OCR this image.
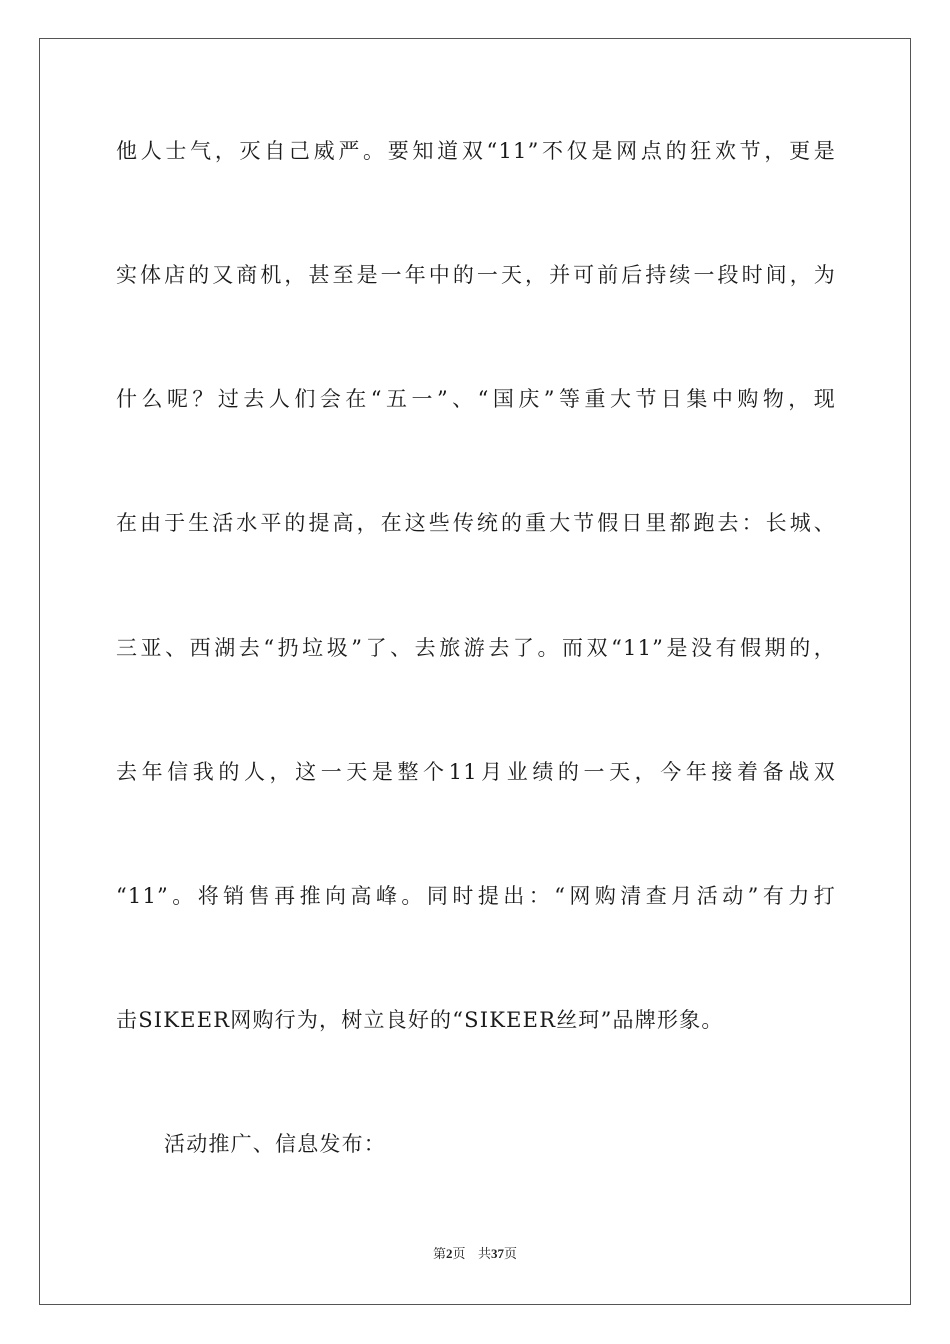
他人士气，灭自己威严。要知道双“11”不仅是网点的狂欢节，更是
实体店的又商机，甚至是一年中的一天，并可前后持续一段时间，为
什么呢？过去人们会在“五一”、“国庆”等重大节日集中购物，现
在由于生活水平的提高，在这些传统的重大节假日里都跑去：长城、
三亚、西湖去“扔垃圾”了、去旅游去了。而双“11”是没有假期的，
去年信我的人，这一天是整个11月业绩的一天，今年接着备战双
“11”。将销售再推向高峰。同时提出：“网购清查月活动”有力打
击SIKEER网购行为，树立良好的“SIKEER丝珂”品牌形象。
活动推广、信息发布：
第2页 共37页
